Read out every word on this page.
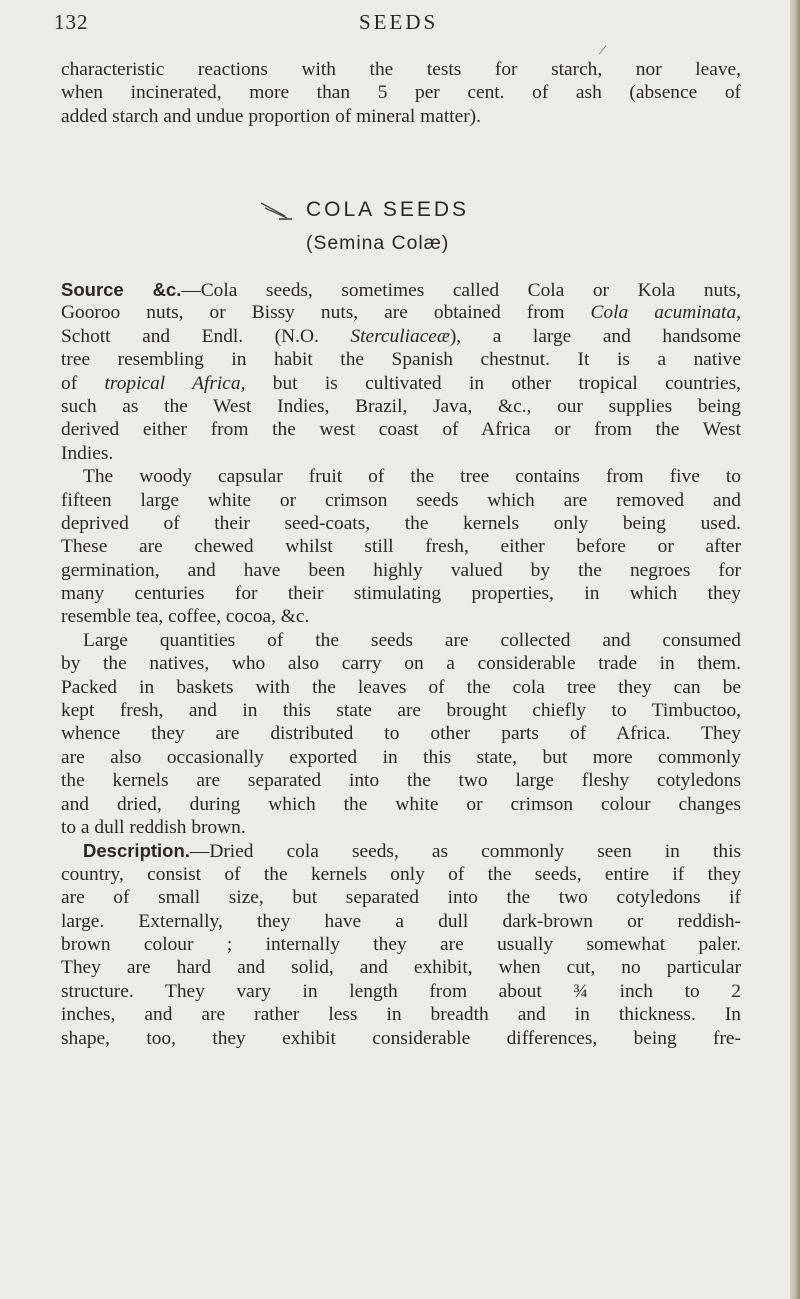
132	SEEDS
/
characteristic reactions with the tests for starch, nor leave,
when incinerated, more than 5 per cent. of ash (absence of
added starch and undue proportion of mineral matter).
COLA SEEDS
(Semina Colæ)
Source &c.—Cola seeds, sometimes called Cola or Kola nuts,
Gooroo nuts, or Bissy nuts, are obtained from Cola acuminata,
Schott and Endl. (N.O. Sterculiaceæ), a large and handsome
tree resembling in habit the Spanish chestnut. It is a native
of tropical Africa, but is cultivated in other tropical countries,
such as the West Indies, Brazil, Java, &c., our supplies being
derived either from the west coast of Africa or from the West
Indies.
The woody capsular fruit of the tree contains from five to
fifteen large white or crimson seeds which are removed and
deprived of their seed-coats, the kernels only being used.
These are chewed whilst still fresh, either before or after
germination, and have been highly valued by the negroes for
many centuries for their stimulating properties, in which they
resemble tea, coffee, cocoa, &c.
Large quantities of the seeds are collected and consumed
by the natives, who also carry on a considerable trade in them.
Packed in baskets with the leaves of the cola tree they can be
kept fresh, and in this state are brought chiefly to Timbuctoo,
whence they are distributed to other parts of Africa. They
are also occasionally exported in this state, but more commonly
the kernels are separated into the two large fleshy cotyledons
and dried, during which the white or crimson colour changes
to a dull reddish brown.
Description.—Dried cola seeds, as commonly seen in this
country, consist of the kernels only of the seeds, entire if they
are of small size, but separated into the two cotyledons if
large. Externally, they have a dull dark-brown or reddish-
brown colour ; internally they are usually somewhat paler.
They are hard and solid, and exhibit, when cut, no particular
structure. They vary in length from about ¾ inch to 2
inches, and are rather less in breadth and in thickness. In
shape, too, they exhibit considerable differences, being fre-
